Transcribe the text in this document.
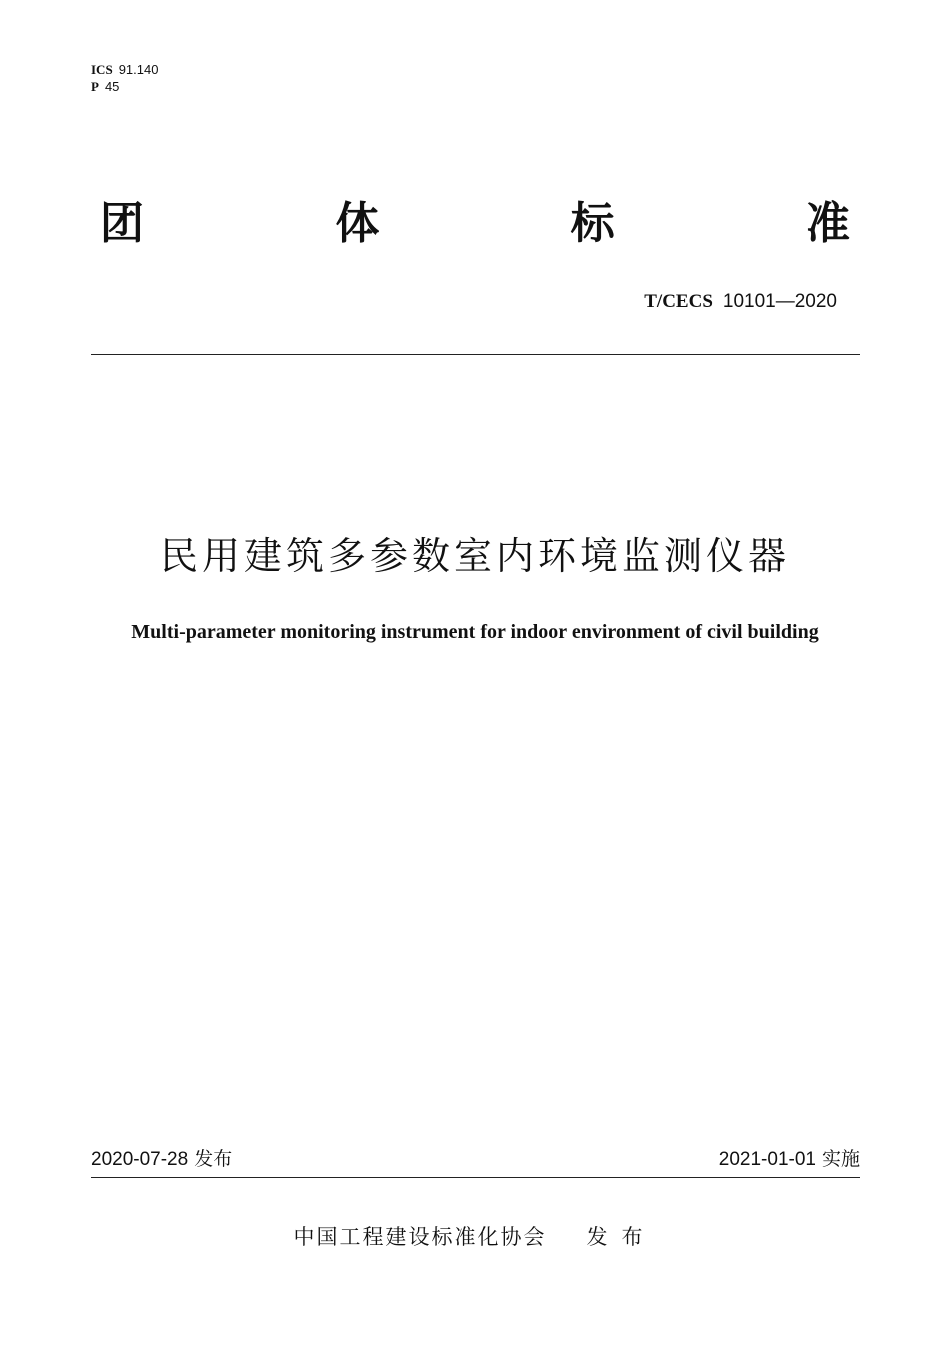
ICS 91.140
P 45
团	体	标	准
T/CECS 10101—2020
民用建筑多参数室内环境监测仪器
Multi-parameter monitoring instrument for indoor environment of civil building
2020-07-28 发布	2021-01-01 实施
中国工程建设标准化协会 发布
